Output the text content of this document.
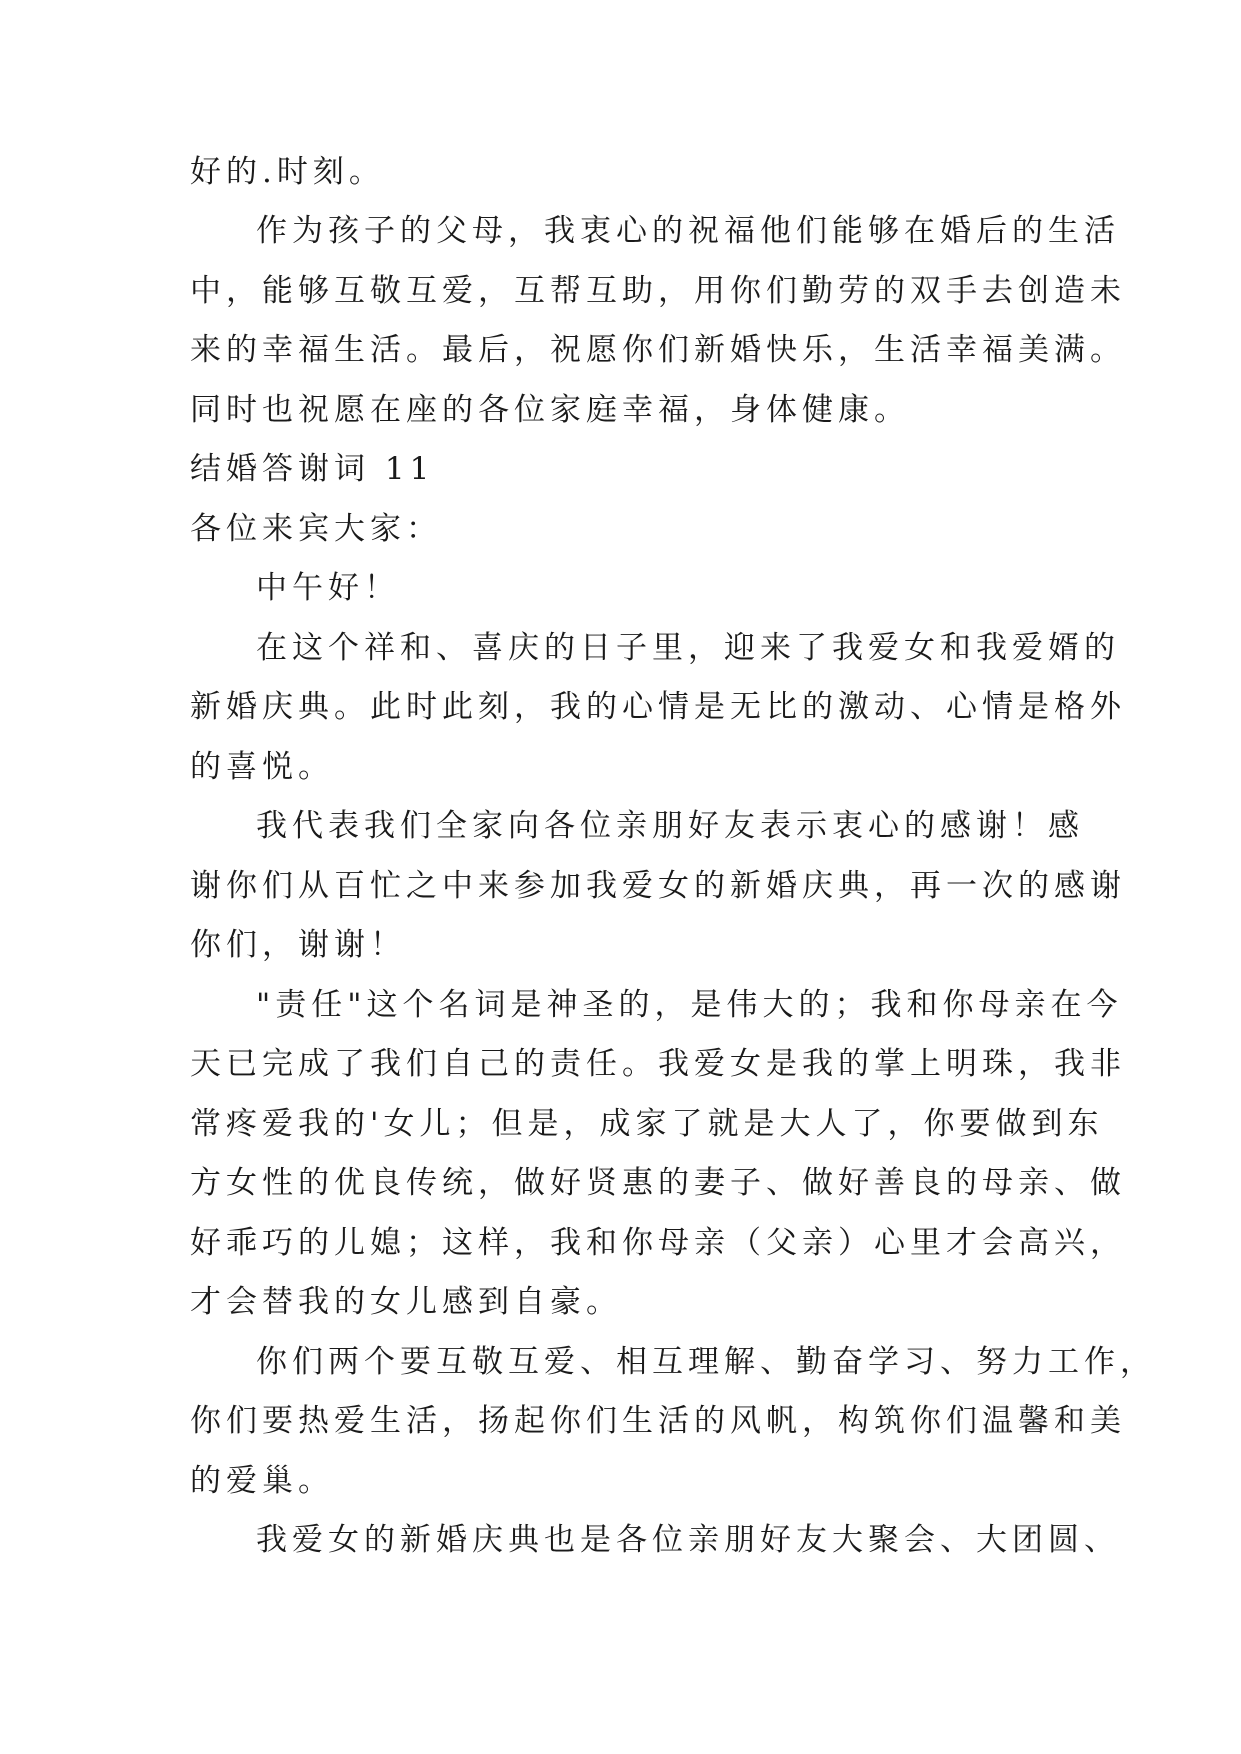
好的.时刻。
作为孩子的父母，我衷心的祝福他们能够在婚后的生活
中，能够互敬互爱，互帮互助，用你们勤劳的双手去创造未
来的幸福生活。最后，祝愿你们新婚快乐，生活幸福美满。
同时也祝愿在座的各位家庭幸福，身体健康。
结婚答谢词 11
各位来宾大家：
中午好！
在这个祥和、喜庆的日子里，迎来了我爱女和我爱婿的
新婚庆典。此时此刻，我的心情是无比的激动、心情是格外
的喜悦。
我代表我们全家向各位亲朋好友表示衷心的感谢！感
谢你们从百忙之中来参加我爱女的新婚庆典，再一次的感谢
你们，谢谢！
"责任"这个名词是神圣的，是伟大的；我和你母亲在今
天已完成了我们自己的责任。我爱女是我的掌上明珠，我非
常疼爱我的'女儿；但是，成家了就是大人了，你要做到东
方女性的优良传统，做好贤惠的妻子、做好善良的母亲、做
好乖巧的儿媳；这样，我和你母亲（父亲）心里才会高兴，
才会替我的女儿感到自豪。
你们两个要互敬互爱、相互理解、勤奋学习、努力工作，
你们要热爱生活，扬起你们生活的风帆，构筑你们温馨和美
的爱巢。
我爱女的新婚庆典也是各位亲朋好友大聚会、大团圆、
